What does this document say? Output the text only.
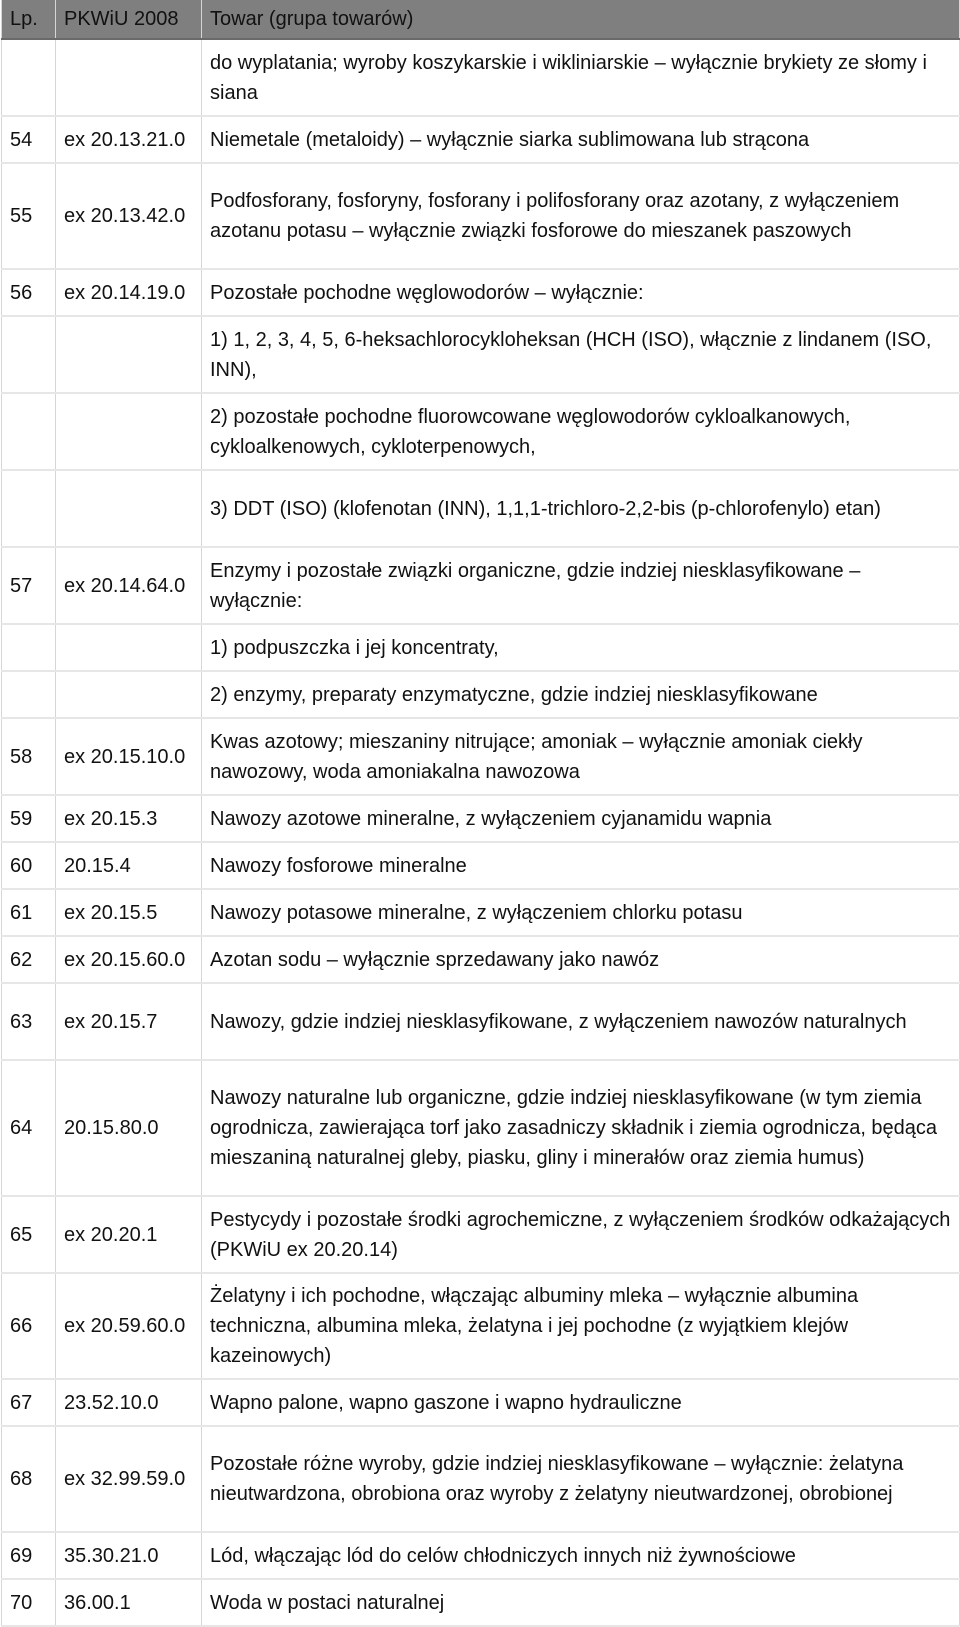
Lp.	PKWiU 2008	Towar (grupa towarów)
		do wyplatania; wyroby koszykarskie i wikliniarskie – wyłącznie brykiety ze słomy i siana
54	ex 20.13.21.0	Niemetale (metaloidy) – wyłącznie siarka sublimowana lub strącona
55	ex 20.13.42.0	Podfosforany, fosforyny, fosforany i polifosforany oraz azotany, z wyłączeniem azotanu potasu – wyłącznie związki fosforowe do mieszanek paszowych
56	ex 20.14.19.0	Pozostałe pochodne węglowodorów – wyłącznie:
		1) 1, 2, 3, 4, 5, 6-heksachlorocykloheksan (HCH (ISO), włącznie z lindanem (ISO, INN),
		2) pozostałe pochodne fluorowcowane węglowodorów cykloalkanowych, cykloalkenowych, cykloterpenowych,
		3) DDT (ISO) (klofenotan (INN), 1,1,1-trichloro-2,2-bis (p-chlorofenylo) etan)
57	ex 20.14.64.0	Enzymy i pozostałe związki organiczne, gdzie indziej niesklasyfikowane – wyłącznie:
		1) podpuszczka i jej koncentraty,
		2) enzymy, preparaty enzymatyczne, gdzie indziej niesklasyfikowane
58	ex 20.15.10.0	Kwas azotowy; mieszaniny nitrujące; amoniak – wyłącznie amoniak ciekły nawozowy, woda amoniakalna nawozowa
59	ex 20.15.3	Nawozy azotowe mineralne, z wyłączeniem cyjanamidu wapnia
60	20.15.4	Nawozy fosforowe mineralne
61	ex 20.15.5	Nawozy potasowe mineralne, z wyłączeniem chlorku potasu
62	ex 20.15.60.0	Azotan sodu – wyłącznie sprzedawany jako nawóz
63	ex 20.15.7	Nawozy, gdzie indziej niesklasyfikowane, z wyłączeniem nawozów naturalnych
64	20.15.80.0	Nawozy naturalne lub organiczne, gdzie indziej niesklasyfikowane (w tym ziemia ogrodnicza, zawierająca torf jako zasadniczy składnik i ziemia ogrodnicza, będąca mieszaniną naturalnej gleby, piasku, gliny i minerałów oraz ziemia humus)
65	ex 20.20.1	Pestycydy i pozostałe środki agrochemiczne, z wyłączeniem środków odkażających (PKWiU ex 20.20.14)
66	ex 20.59.60.0	Żelatyny i ich pochodne, włączając albuminy mleka – wyłącznie albumina techniczna, albumina mleka, żelatyna i jej pochodne (z wyjątkiem klejów kazeinowych)
67	23.52.10.0	Wapno palone, wapno gaszone i wapno hydrauliczne
68	ex 32.99.59.0	Pozostałe różne wyroby, gdzie indziej niesklasyfikowane – wyłącznie: żelatyna nieutwardzona, obrobiona oraz wyroby z żelatyny nieutwardzonej, obrobionej
69	35.30.21.0	Lód, włączając lód do celów chłodniczych innych niż żywnościowe
70	36.00.1	Woda w postaci naturalnej
